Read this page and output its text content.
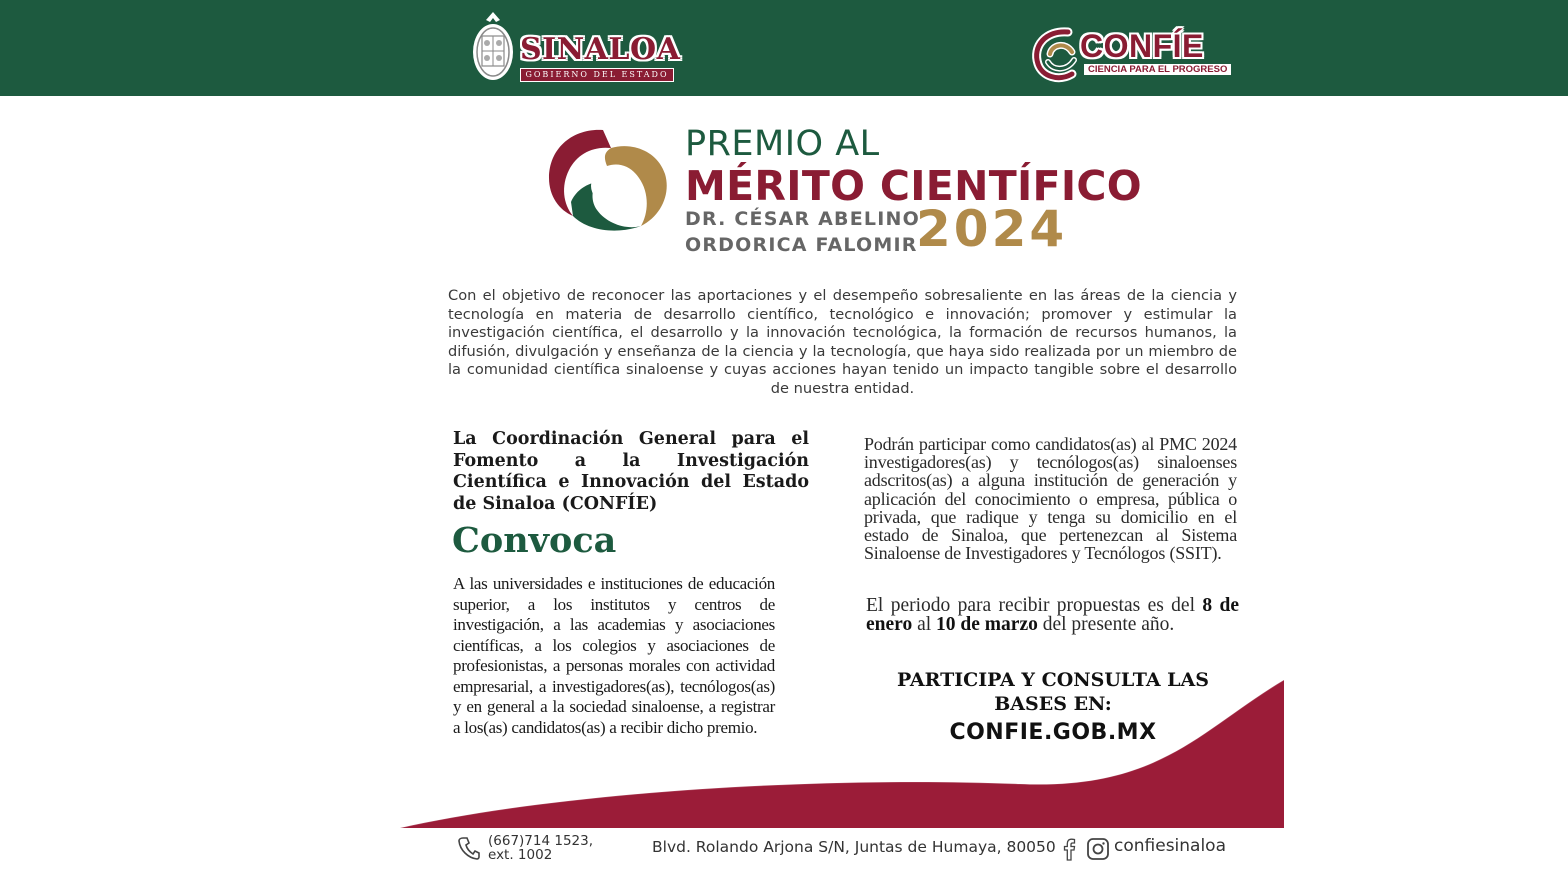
SINALOA
GOBIERNO DEL ESTADO
CONFÍE
CIENCIA PARA EL PROGRESO
PREMIO AL
MÉRITO CIENTÍFICO
DR. CÉSAR ABELINO
ORDORICA FALOMIR
2024

Con el objetivo de reconocer las aportaciones y el desempeño sobresaliente en las áreas de la ciencia y tecnología en materia de desarrollo científico, tecnológico e innovación; promover y estimular la investigación científica, el desarrollo y la innovación tecnológica, la formación de recursos humanos, la difusión, divulgación y enseñanza de la ciencia y la tecnología, que haya sido realizada por un miembro de la comunidad científica sinaloense y cuyas acciones hayan tenido un impacto tangible sobre el desarrollo de nuestra entidad.

La Coordinación General para el Fomento a la Investigación Científica e Innovación del Estado de Sinaloa (CONFÍE)

Convoca

A las universidades e instituciones de educación superior, a los institutos y centros de investigación, a las academias y asociaciones científicas, a los colegios y asociaciones de profesionistas, a personas morales con actividad empresarial, a investigadores(as), tecnólogos(as) y en general a la sociedad sinaloense, a registrar a los(as) candidatos(as) a recibir dicho premio.

Podrán participar como candidatos(as) al PMC 2024 investigadores(as) y tecnólogos(as) sinaloenses adscritos(as) a alguna institución de generación y aplicación del conocimiento o empresa, pública o privada, que radique y tenga su domicilio en el estado de Sinaloa, que pertenezcan al Sistema Sinaloense de Investigadores y Tecnólogos (SSIT).

El periodo para recibir propuestas es del 8 de enero al 10 de marzo del presente año.

PARTICIPA Y CONSULTA LAS BASES EN:
CONFIE.GOB.MX
(667)714 1523,
ext. 1002	Blvd. Rolando Arjona S/N, Juntas de Humaya, 80050	confiesinaloa
